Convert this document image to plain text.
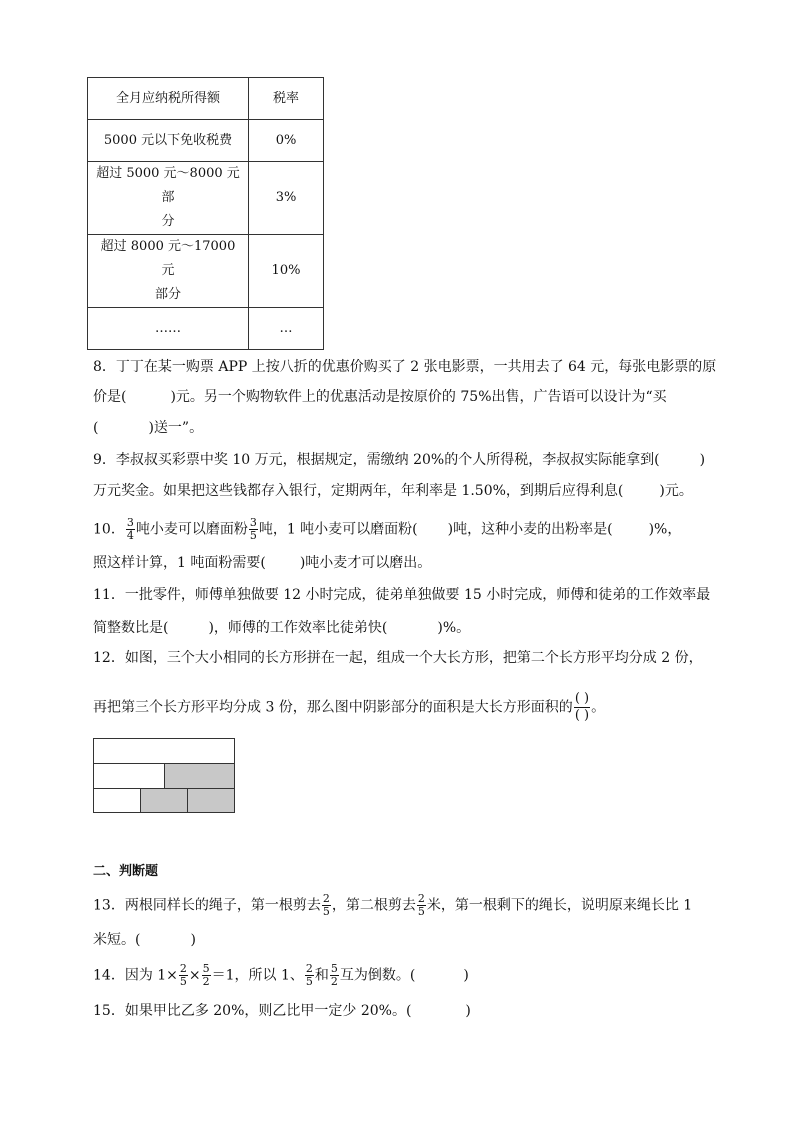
全月应纳税所得额	税率
5000 元以下免收税费	0%

超过 5000 元～8000 元部
分	3%

超过 8000 元～17000 元
部分	10%
……	…
8．丁丁在某一购票 APP 上按八折的优惠价购买了 2 张电影票，一共用去了 64 元，每张电影票的原
价是(	)元。另一个购物软件上的优惠活动是按原价的 75%出售，广告语可以设计为“买
(	)送一”。
9．李叔叔买彩票中奖 10 万元，根据规定，需缴纳 20%的个人所得税，李叔叔实际能拿到(	)
万元奖金。如果把这些钱都存入银行，定期两年，年利率是 1.50%，到期后应得利息(	)元。
10． $\frac{3}{4}$ 吨小麦可以磨面粉 $\frac{3}{5}$ 吨，1 吨小麦可以磨面粉( )吨，这种小麦的出粉率是(	)%，
照这样计算，1 吨面粉需要( )吨小麦才可以磨出。
11．一批零件，师傅单独做要 12 小时完成，徒弟单独做要 15 小时完成，师傅和徒弟的工作效率最
简整数比是(	)，师傅的工作效率比徒弟快(	)%。
12．如图，三个大小相同的长方形拼在一起，组成一个大长方形，把第二个长方形平均分成 2 份，
再把第三个长方形平均分成 3 份，那么图中阴影部分的面积是大长方形面积的 $\frac{( )}{( )}$ 。
二、判断题
13．两根同样长的绳子，第一根剪去 $\frac{2}{5}$ ，第二根剪去 $\frac{2}{5}$ 米，第一根剩下的绳长，说明原来绳长比 1
米短。(	)
14．因为 $1\times \frac{2}{5} \times \frac{5}{2} =1$，所以 1、 $\frac{2}{5}$ 和 $\frac{5}{2}$ 互为倒数。(	)
15．如果甲比乙多 20%，则乙比甲一定少 20%。(	)
